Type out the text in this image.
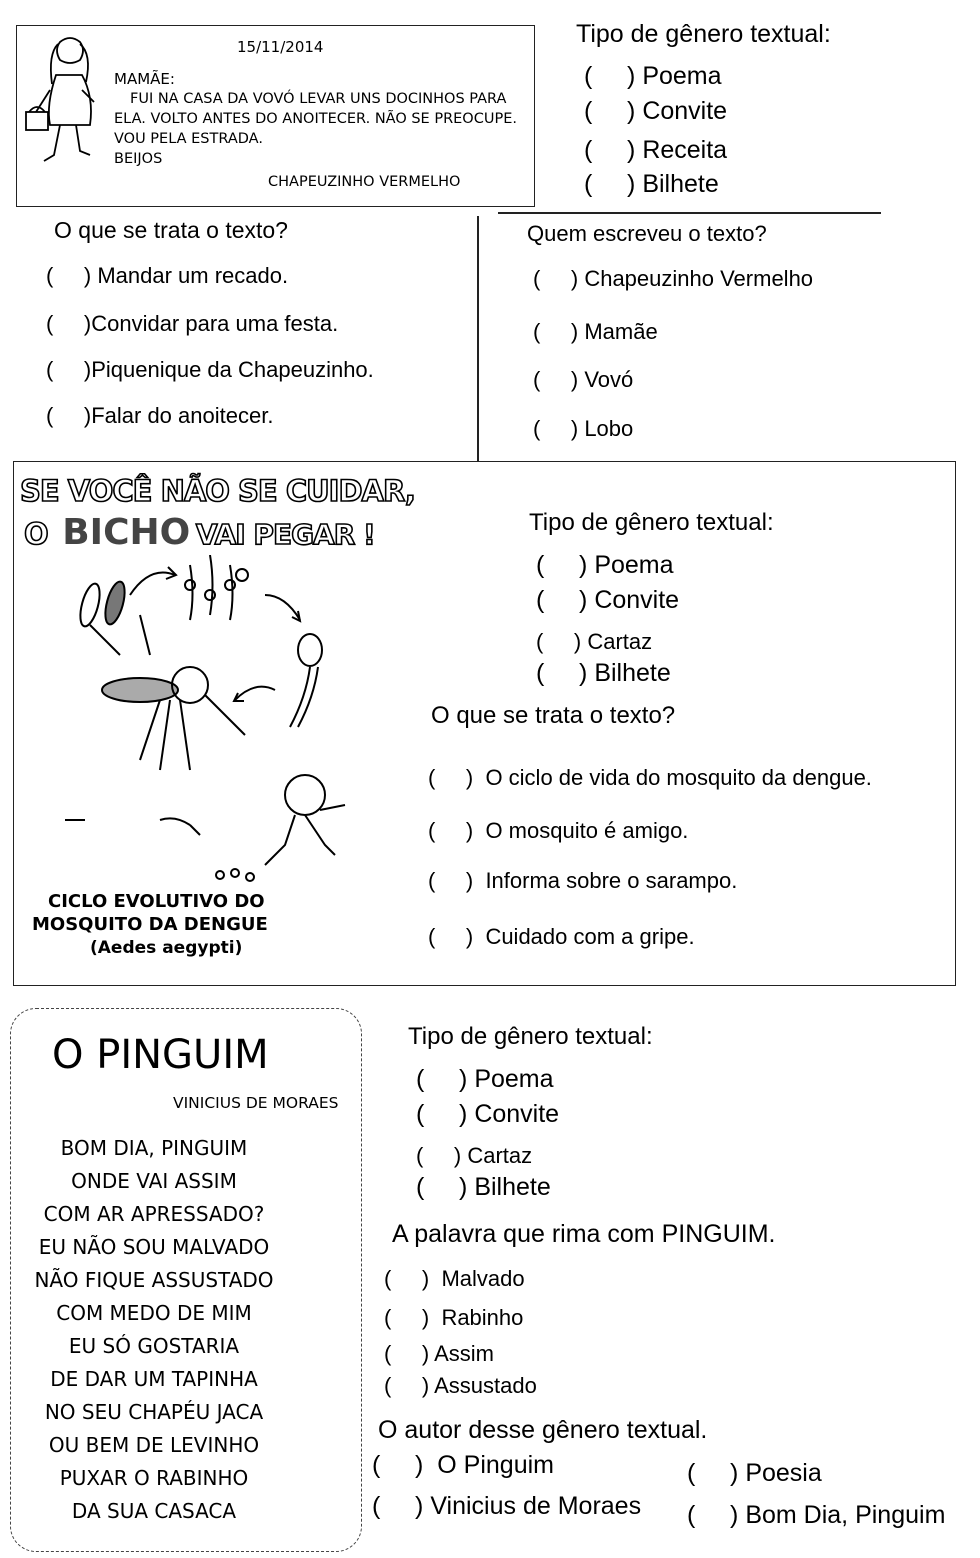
15/11/2014
MAMÃE:
FUI NA CASA DA VOVÓ LEVAR UNS DOCINHOS PARA
ELA. VOLTO ANTES DO ANOITECER. NÃO SE PREOCUPE.
VOU PELA ESTRADA.
BEIJOS
CHAPEUZINHO VERMELHO
Tipo de gênero textual:
(     ) Poema
(     ) Convite
(     ) Receita
(     ) Bilhete
O que se trata o texto?
(     ) Mandar um recado.
(     )Convidar para uma festa.
(     )Piquenique da Chapeuzinho.
(     )Falar do anoitecer.
Quem escreveu o texto?
(     ) Chapeuzinho Vermelho
(     ) Mamãe
(     ) Vovó
(     ) Lobo
SE VOCÊ NÃO SE CUIDAR,
O BICHO VAI PEGAR !
CICLO EVOLUTIVO DO
MOSQUITO DA DENGUE
(Aedes aegypti)
Tipo de gênero textual:
(     ) Poema
(     ) Convite
(     ) Cartaz
(     ) Bilhete
O que se trata o texto?
(     )  O ciclo de vida do mosquito da dengue.
(     )  O mosquito é amigo.
(     )  Informa sobre o sarampo.
(     )  Cuidado com a gripe.
O PINGUIM
VINICIUS DE MORAES
BOM DIA, PINGUIM
ONDE VAI ASSIM
COM AR APRESSADO?
EU NÃO SOU MALVADO
NÃO FIQUE ASSUSTADO
COM MEDO DE MIM
EU SÓ GOSTARIA
DE DAR UM TAPINHA
NO SEU CHAPÉU JACA
OU BEM DE LEVINHO
PUXAR O RABINHO
DA SUA CASACA
Tipo de gênero textual:
(     ) Poema
(     ) Convite
(     ) Cartaz
(     ) Bilhete
A palavra que rima com PINGUIM.
(     )  Malvado
(     )  Rabinho
(     ) Assim
(     ) Assustado
O autor desse gênero textual.
(     )  O Pinguim
(     ) Vinicius de Moraes
(     ) Poesia
(     ) Bom Dia, Pinguim
